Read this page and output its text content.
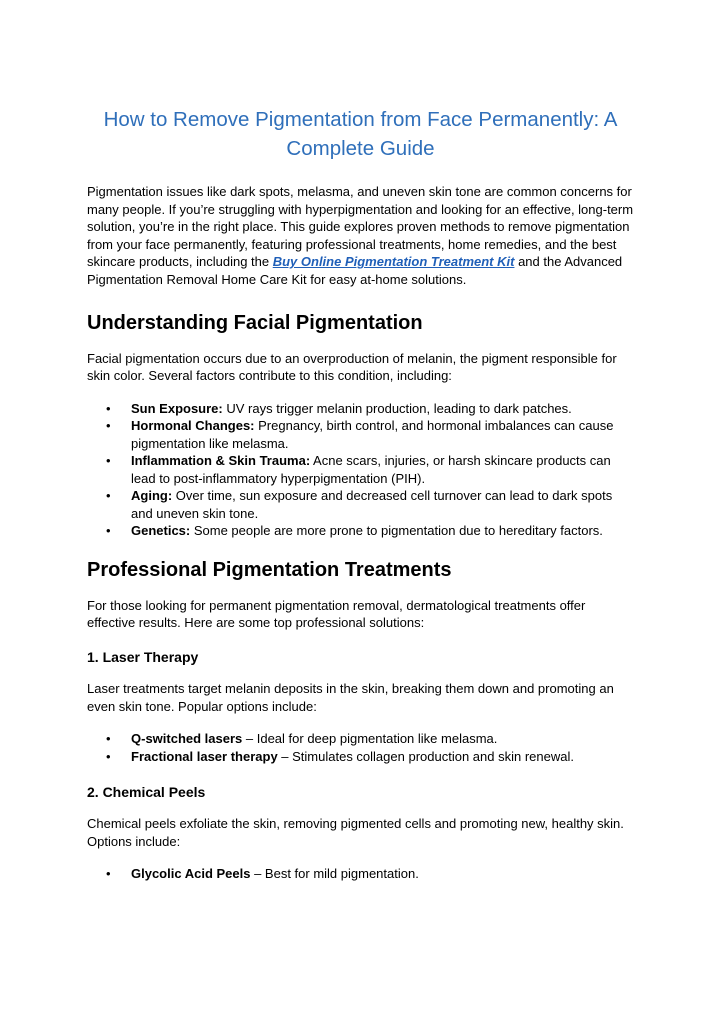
How to Remove Pigmentation from Face Permanently: A Complete Guide

Pigmentation issues like dark spots, melasma, and uneven skin tone are common concerns for many people. If you’re struggling with hyperpigmentation and looking for an effective, long-term solution, you’re in the right place. This guide explores proven methods to remove pigmentation from your face permanently, featuring professional treatments, home remedies, and the best skincare products, including the Buy Online Pigmentation Treatment Kit and the Advanced Pigmentation Removal Home Care Kit for easy at-home solutions.

Understanding Facial Pigmentation

Facial pigmentation occurs due to an overproduction of melanin, the pigment responsible for skin color. Several factors contribute to this condition, including:

• Sun Exposure: UV rays trigger melanin production, leading to dark patches.
• Hormonal Changes: Pregnancy, birth control, and hormonal imbalances can cause pigmentation like melasma.
• Inflammation & Skin Trauma: Acne scars, injuries, or harsh skincare products can lead to post-inflammatory hyperpigmentation (PIH).
• Aging: Over time, sun exposure and decreased cell turnover can lead to dark spots and uneven skin tone.
• Genetics: Some people are more prone to pigmentation due to hereditary factors.
Professional Pigmentation Treatments

For those looking for permanent pigmentation removal, dermatological treatments offer effective results. Here are some top professional solutions:

1. Laser Therapy

Laser treatments target melanin deposits in the skin, breaking them down and promoting an even skin tone. Popular options include:

• Q-switched lasers – Ideal for deep pigmentation like melasma.
• Fractional laser therapy – Stimulates collagen production and skin renewal.
2. Chemical Peels

Chemical peels exfoliate the skin, removing pigmented cells and promoting new, healthy skin. Options include:

• Glycolic Acid Peels – Best for mild pigmentation.
